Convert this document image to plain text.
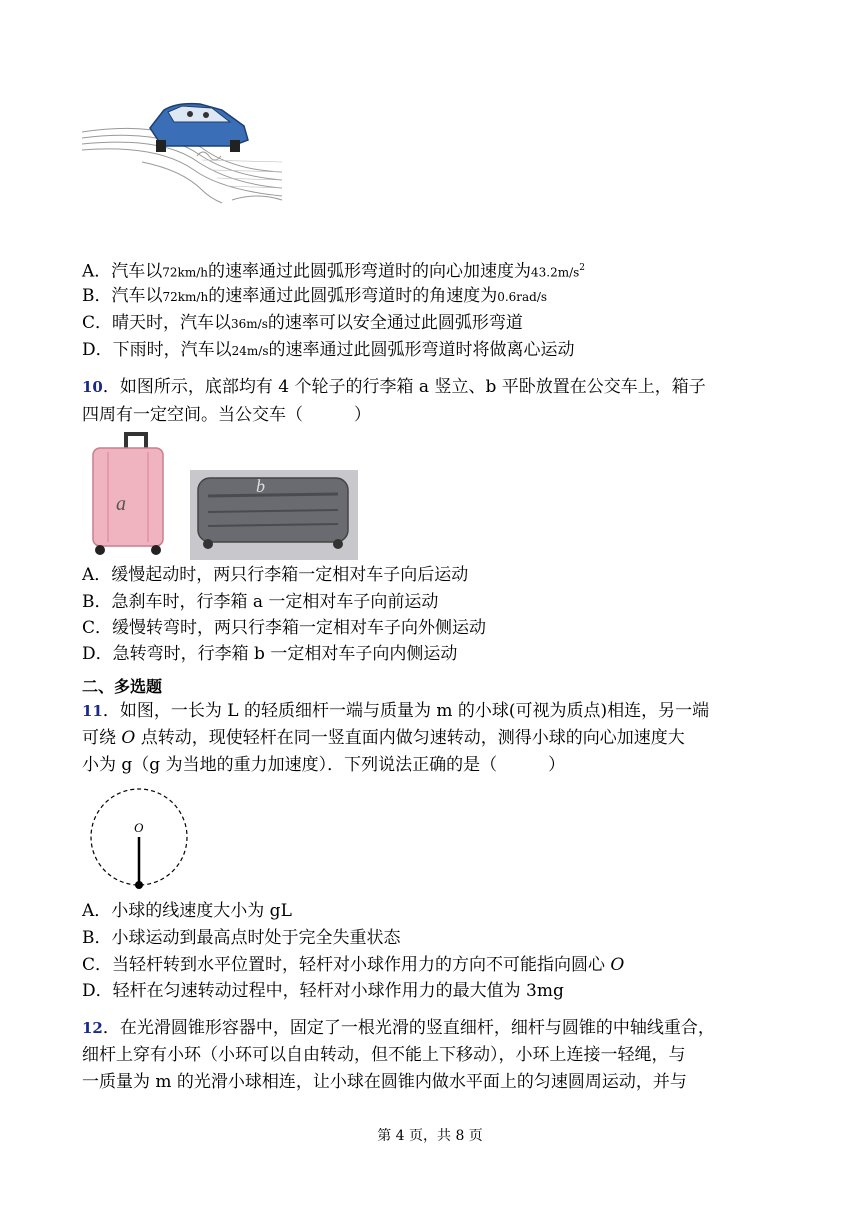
A．汽车以72km/h的速率通过此圆弧形弯道时的向心加速度为$43.2m/s^2$
B．汽车以72km/h的速率通过此圆弧形弯道时的角速度为0.6rad/s
C．晴天时，汽车以36m/s的速率可以安全通过此圆弧形弯道
D．下雨时，汽车以24m/s的速率通过此圆弧形弯道时将做离心运动
10．如图所示，底部均有 4 个轮子的行李箱 a 竖立、b 平卧放置在公交车上，箱子
四周有一定空间。当公交车（　　　）
a
b
A．缓慢起动时，两只行李箱一定相对车子向后运动
B．急刹车时，行李箱 a 一定相对车子向前运动
C．缓慢转弯时，两只行李箱一定相对车子向外侧运动
D．急转弯时，行李箱 b 一定相对车子向内侧运动
二、多选题
11．如图，一长为 L 的轻质细杆一端与质量为 m 的小球(可视为质点)相连，另一端
可绕 O 点转动，现使轻杆在同一竖直面内做匀速转动，测得小球的向心加速度大
小为 g（g 为当地的重力加速度）．下列说法正确的是（　　　）
O
A．小球的线速度大小为 gL
B．小球运动到最高点时处于完全失重状态
C．当轻杆转到水平位置时，轻杆对小球作用力的方向不可能指向圆心 O
D．轻杆在匀速转动过程中，轻杆对小球作用力的最大值为 3mg
12．在光滑圆锥形容器中，固定了一根光滑的竖直细杆，细杆与圆锥的中轴线重合，
细杆上穿有小环（小环可以自由转动，但不能上下移动），小环上连接一轻绳，与
一质量为 m 的光滑小球相连，让小球在圆锥内做水平面上的匀速圆周运动，并与
第 4 页，共 8 页
